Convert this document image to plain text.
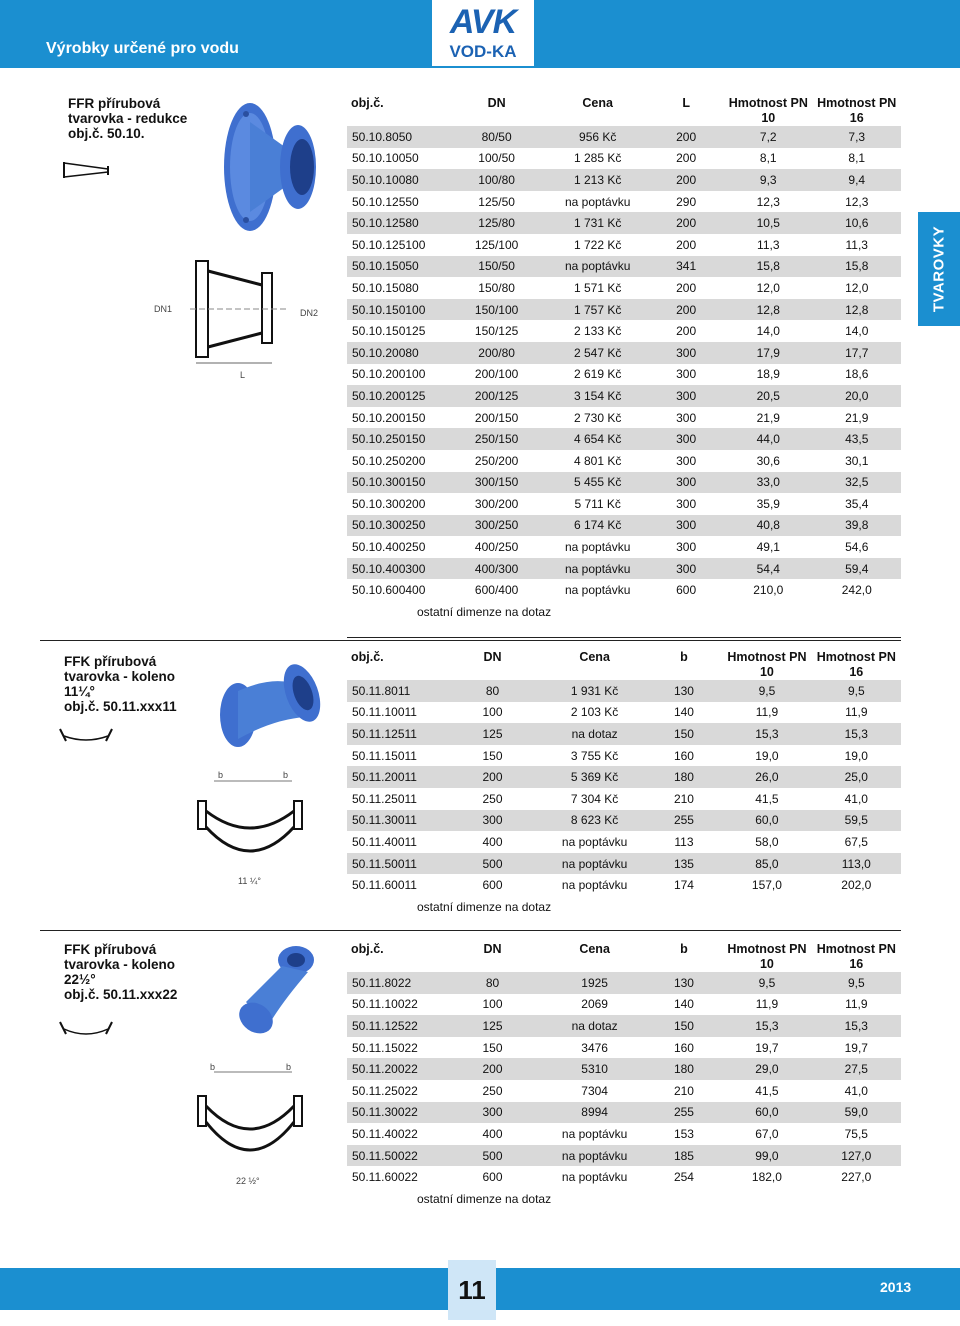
Výrobky určené pro vodu
AVK
VOD-KA
TVAROVKY
FFR přírubová
tvarovka - redukce
obj.č. 50.10.
DN1	DN2
L
obj.č.	DN	Cena	L	Hmotnost PN 10	Hmotnost PN 16
50.10.8050	80/50	956 Kč	200	7,2	7,3
50.10.10050	100/50	1 285 Kč	200	8,1	8,1
50.10.10080	100/80	1 213 Kč	200	9,3	9,4
50.10.12550	125/50	na poptávku	290	12,3	12,3
50.10.12580	125/80	1 731 Kč	200	10,5	10,6
50.10.125100	125/100	1 722 Kč	200	11,3	11,3
50.10.15050	150/50	na poptávku	341	15,8	15,8
50.10.15080	150/80	1 571 Kč	200	12,0	12,0
50.10.150100	150/100	1 757 Kč	200	12,8	12,8
50.10.150125	150/125	2 133 Kč	200	14,0	14,0
50.10.20080	200/80	2 547 Kč	300	17,9	17,7
50.10.200100	200/100	2 619 Kč	300	18,9	18,6
50.10.200125	200/125	3 154 Kč	300	20,5	20,0
50.10.200150	200/150	2 730 Kč	300	21,9	21,9
50.10.250150	250/150	4 654 Kč	300	44,0	43,5
50.10.250200	250/200	4 801 Kč	300	30,6	30,1
50.10.300150	300/150	5 455 Kč	300	33,0	32,5
50.10.300200	300/200	5 711 Kč	300	35,9	35,4
50.10.300250	300/250	6 174 Kč	300	40,8	39,8
50.10.400250	400/250	na poptávku	300	49,1	54,6
50.10.400300	400/300	na poptávku	300	54,4	59,4
50.10.600400	600/400	na poptávku	600	210,0	242,0
ostatní dimenze na dotaz					
FFK přírubová
tvarovka - koleno
11¼°
obj.č. 50.11.xxx11
b	b
11 ¼°
obj.č.	DN	Cena	b	Hmotnost PN 10	Hmotnost PN 16
50.11.8011	80	1 931 Kč	130	9,5	9,5
50.11.10011	100	2 103 Kč	140	11,9	11,9
50.11.12511	125	na dotaz	150	15,3	15,3
50.11.15011	150	3 755 Kč	160	19,0	19,0
50.11.20011	200	5 369 Kč	180	26,0	25,0
50.11.25011	250	7 304 Kč	210	41,5	41,0
50.11.30011	300	8 623 Kč	255	60,0	59,5
50.11.40011	400	na poptávku	113	58,0	67,5
50.11.50011	500	na poptávku	135	85,0	113,0
50.11.60011	600	na poptávku	174	157,0	202,0
ostatní dimenze na dotaz					
FFK přírubová
tvarovka - koleno
22½°
obj.č. 50.11.xxx22
b	b
22 ½°
obj.č.	DN	Cena	b	Hmotnost PN 10	Hmotnost PN 16
50.11.8022	80	1925	130	9,5	9,5
50.11.10022	100	2069	140	11,9	11,9
50.11.12522	125	na dotaz	150	15,3	15,3
50.11.15022	150	3476	160	19,7	19,7
50.11.20022	200	5310	180	29,0	27,5
50.11.25022	250	7304	210	41,5	41,0
50.11.30022	300	8994	255	60,0	59,0
50.11.40022	400	na poptávku	153	67,0	75,5
50.11.50022	500	na poptávku	185	99,0	127,0
50.11.60022	600	na poptávku	254	182,0	227,0
ostatní dimenze na dotaz					
11	2013
